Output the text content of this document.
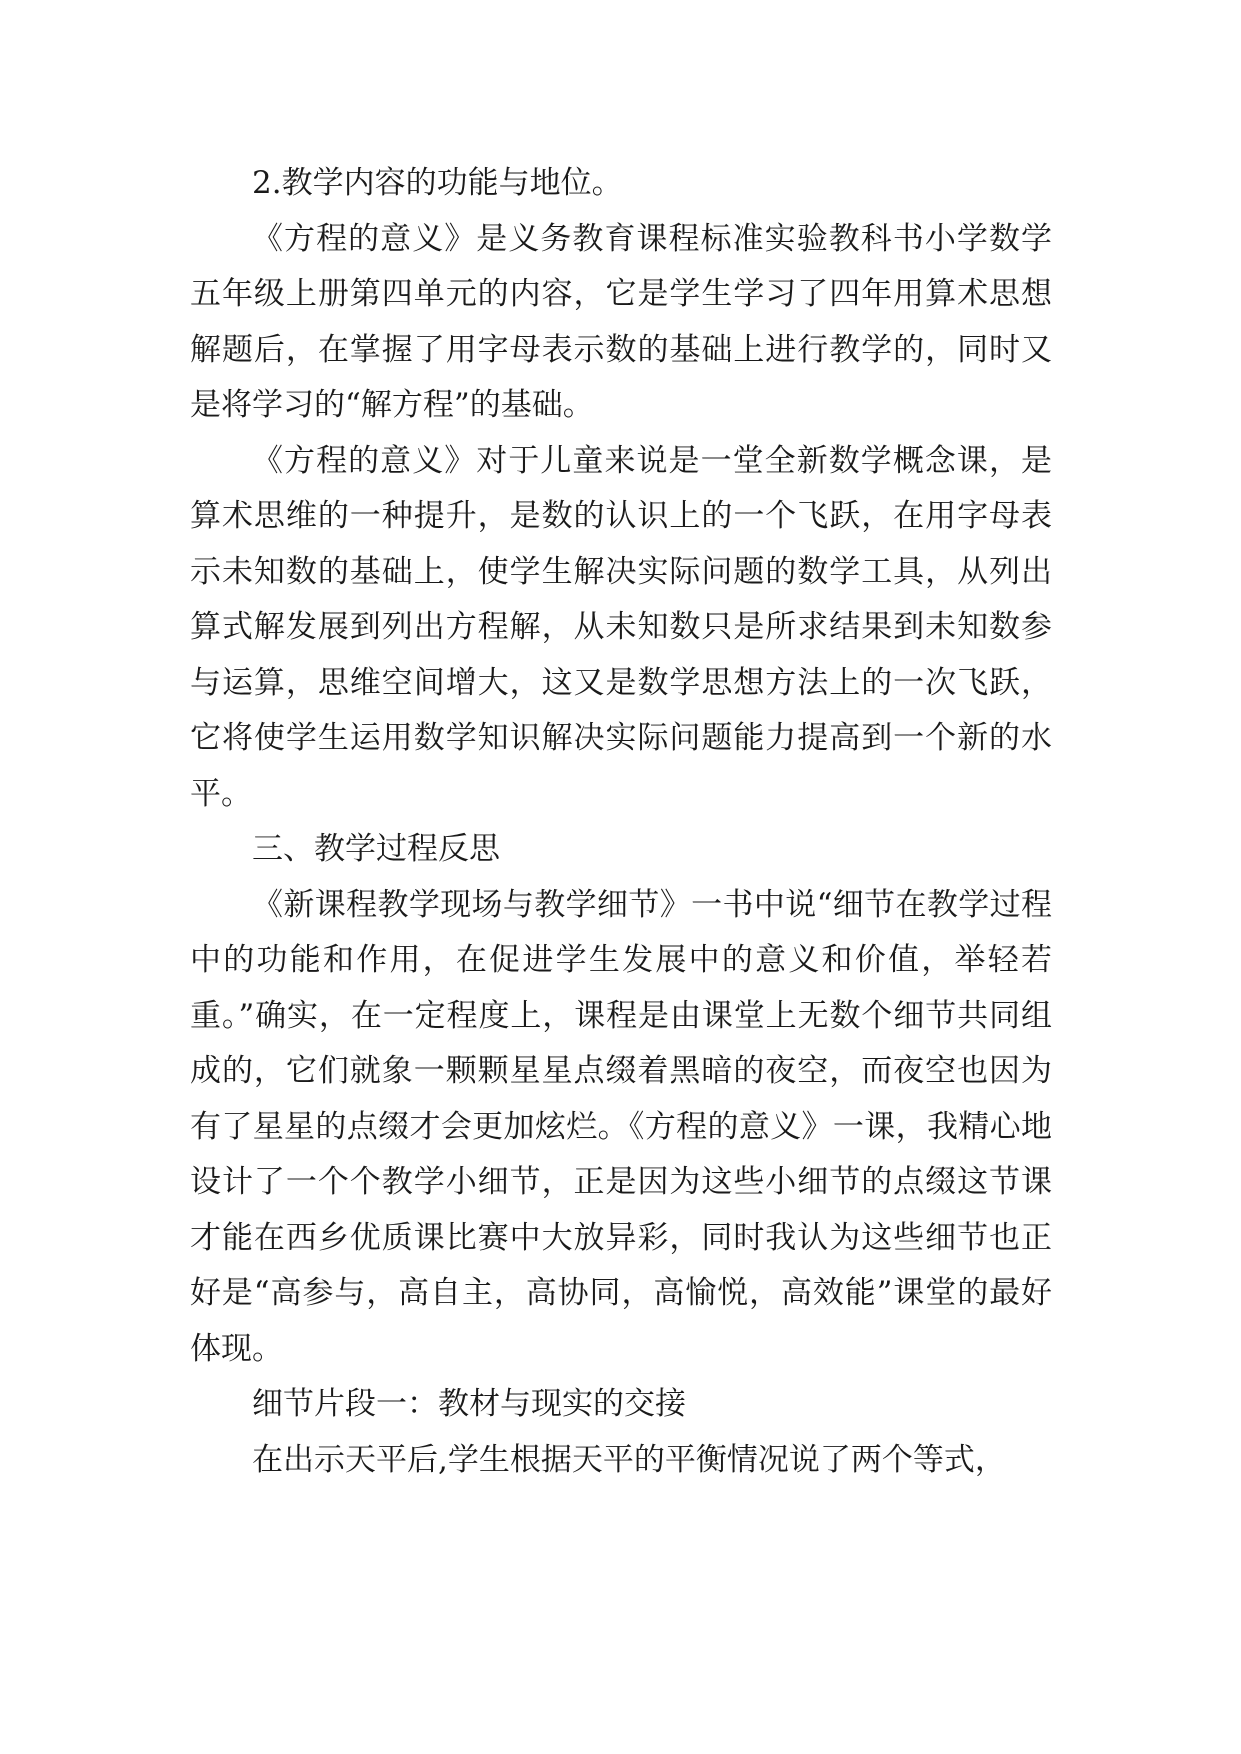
2.教学内容的功能与地位。

《方程的意义》是义务教育课程标准实验教科书小学数学五年级上册第四单元的内容，它是学生学习了四年用算术思想解题后，在掌握了用字母表示数的基础上进行教学的，同时又是将学习的“解方程”的基础。

《方程的意义》对于儿童来说是一堂全新数学概念课，是算术思维的一种提升，是数的认识上的一个飞跃，在用字母表示未知数的基础上，使学生解决实际问题的数学工具，从列出算式解发展到列出方程解，从未知数只是所求结果到未知数参与运算，思维空间增大，这又是数学思想方法上的一次飞跃，它将使学生运用数学知识解决实际问题能力提高到一个新的水平。

三、教学过程反思

《新课程教学现场与教学细节》一书中说“细节在教学过程中的功能和作用，在促进学生发展中的意义和价值，举轻若重。”确实，在一定程度上，课程是由课堂上无数个细节共同组成的，它们就象一颗颗星星点缀着黑暗的夜空，而夜空也因为有了星星的点缀才会更加炫烂。《方程的意义》一课，我精心地设计了一个个教学小细节，正是因为这些小细节的点缀这节课才能在西乡优质课比赛中大放异彩，同时我认为这些细节也正好是“高参与，高自主，高协同，高愉悦，高效能”课堂的最好体现。

细节片段一：教材与现实的交接

在出示天平后,学生根据天平的平衡情况说了两个等式，
